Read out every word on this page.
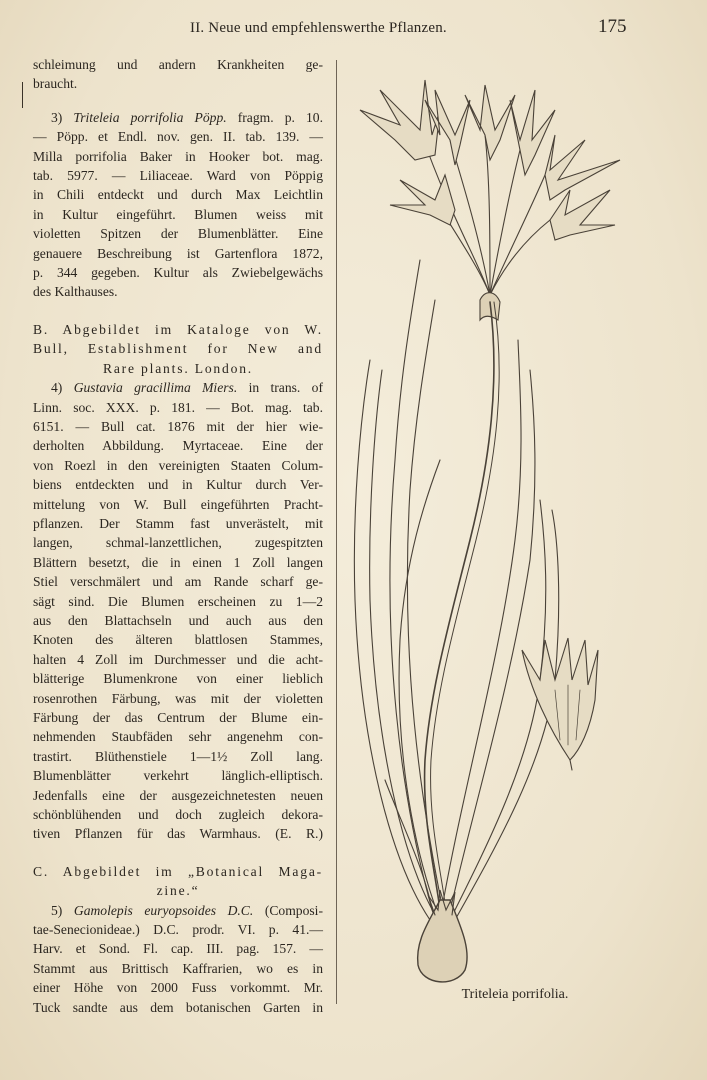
II. Neue und empfehlenswerthe Pflanzen.	175

schleimung und andern Krankheiten ge-
braucht.

3) Triteleia porrifolia Pöpp. fragm. p. 10.
— Pöpp. et Endl. nov. gen. II. tab. 139. —
Milla porrifolia Baker in Hooker bot. mag.
tab. 5977. — Liliaceae. Ward von Pöppig
in Chili entdeckt und durch Max Leichtlin
in Kultur eingeführt. Blumen weiss mit
violetten Spitzen der Blumenblätter. Eine
genauere Beschreibung ist Gartenflora 1872,
p. 344 gegeben. Kultur als Zwiebelgewächs
des Kalthauses.

B. Abgebildet im Kataloge von W.
Bull, Establishment for New and
Rare plants. London.

4) Gustavia gracillima Miers. in trans. of
Linn. soc. XXX. p. 181. — Bot. mag. tab.
6151. — Bull cat. 1876 mit der hier wie-
derholten Abbildung. Myrtaceae. Eine der
von Roezl in den vereinigten Staaten Colum-
biens entdeckten und in Kultur durch Ver-
mittelung von W. Bull eingeführten Pracht-
pflanzen. Der Stamm fast unverästelt, mit
langen, schmal-lanzettlichen, zugespitzten
Blättern besetzt, die in einen 1 Zoll langen
Stiel verschmälert und am Rande scharf ge-
sägt sind. Die Blumen erscheinen zu 1—2
aus den Blattachseln und auch aus den
Knoten des älteren blattlosen Stammes,
halten 4 Zoll im Durchmesser und die acht-
blätterige Blumenkrone von einer lieblich
rosenrothen Färbung, was mit der violetten
Färbung der das Centrum der Blume ein-
nehmenden Staubfäden sehr angenehm con-
trastirt. Blüthenstiele 1—1½ Zoll lang.
Blumenblätter verkehrt länglich-elliptisch.
Jedenfalls eine der ausgezeichnetesten neuen
schönblühenden und doch zugleich dekora-
tiven Pflanzen für das Warmhaus. (E. R.)

C. Abgebildet im „Botanical Maga-
zine.“

5) Gamolepis euryopsoides D.C. (Composi-
tae-Senecionideae.) D.C. prodr. VI. p. 41.—
Harv. et Sond. Fl. cap. III. pag. 157. —
Stammt aus Brittisch Kaffrarien, wo es in
einer Höhe von 2000 Fuss vorkommt. Mr.
Tuck sandte aus dem botanischen Garten in

Triteleia porrifolia.
